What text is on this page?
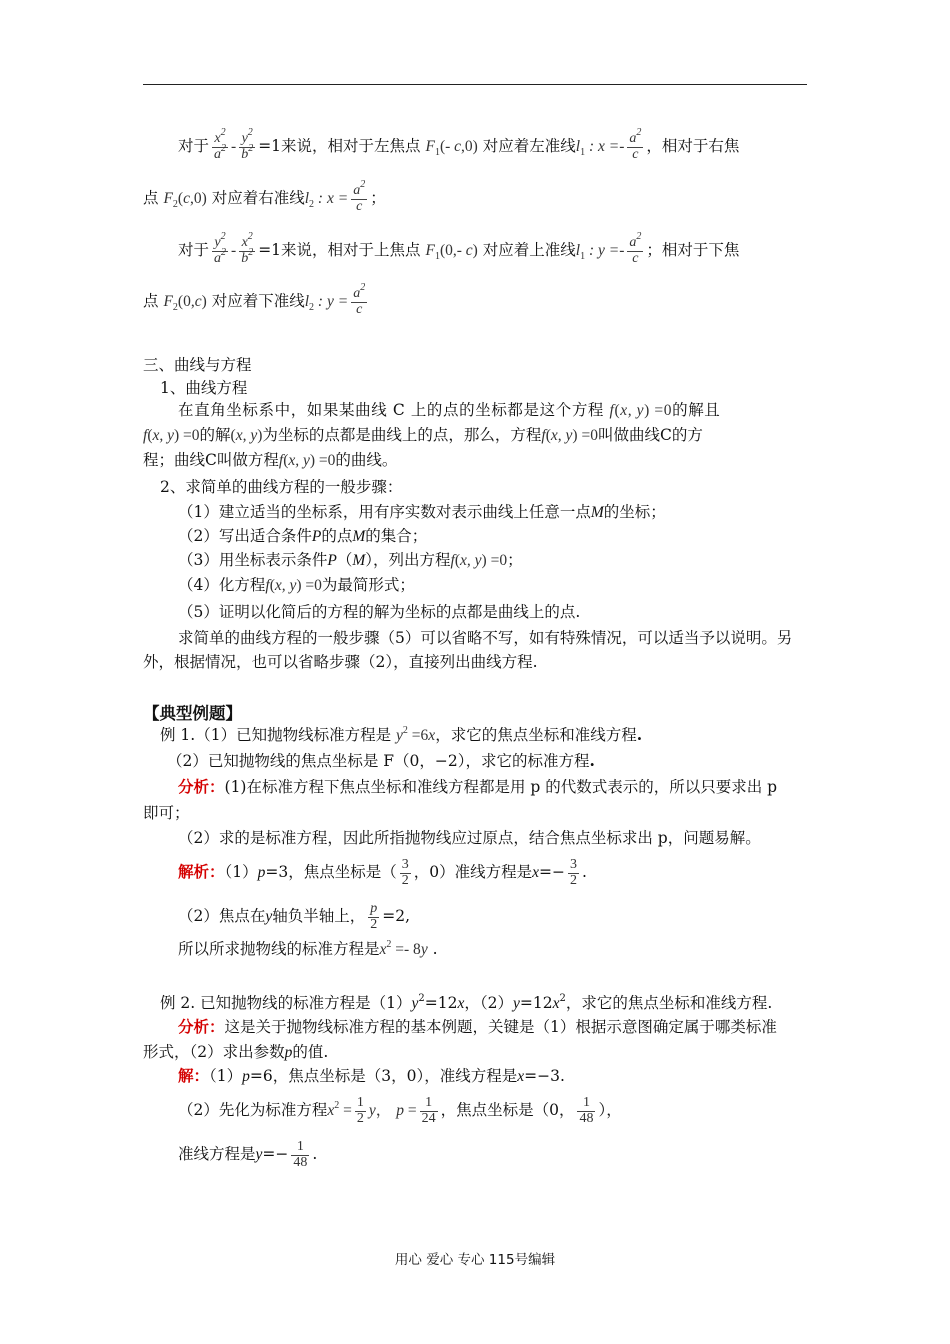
对于 $\frac{x^2}{a^2} - \frac{y^2}{b^2} =1$来说，相对于左焦点 $F_1(-$ c,0) 对应着左准线$l_1$ : $x =- \frac{a^2}{c}$ ，相对于右焦
点 $F_2(c,0)$ 对应着右准线$l_2$ : $x = \frac{a^2}{c}$ ；
对于 $\frac{y^2}{a^2} - \frac{x^2}{b^2} =1$来说，相对于上焦点 $F_1(0,-$ c) 对应着上准线$l_1$ : $y =- \frac{a^2}{c}$ ；相对于下焦
点 $F_2(0,c)$ 对应着下准线$l_2$ : $y = \frac{a^2}{c}$
三、曲线与方程
1、曲线方程
在直角坐标系中，如果某曲线 C 上的点的坐标都是这个方程 f(x, y) =0的解且
f(x, y) =0的解(x, y)为坐标的点都是曲线上的点，那么，方程f(x, y) =0叫做曲线C的方
程；曲线C叫做方程f(x, y) =0的曲线。
2、求简单的曲线方程的一般步骤：
（1）建立适当的坐标系，用有序实数对表示曲线上任意一点M的坐标；
（2）写出适合条件P的点M的集合；
（3）用坐标表示条件P（M），列出方程f(x, y) =0；
（4）化方程f(x, y) =0为最简形式；
（5）证明以化简后的方程的解为坐标的点都是曲线上的点.
求简单的曲线方程的一般步骤（5）可以省略不写，如有特殊情况，可以适当予以说明。另
外，根据情况，也可以省略步骤（2），直接列出曲线方程.
【典型例题】
例 1.（1）已知抛物线标准方程是 $y^2 =6x$，求它的焦点坐标和准线方程.
（2）已知抛物线的焦点坐标是 F（0，−2），求它的标准方程.
分析：(1)在标准方程下焦点坐标和准线方程都是用 p 的代数式表示的，所以只要求出 p
即可；
（2）求的是标准方程，因此所指抛物线应过原点，结合焦点坐标求出 p，问题易解。
解析：（1）p=3，焦点坐标是（ $\frac{3}{2}$ ，0）准线方程是$x=- \frac{3}{2}$ .
（2）焦点在y轴负半轴上， $\frac{p}{2} =2$,
所以所求抛物线的标准方程是$x^2 =- 8y$ .
例 2. 已知抛物线的标准方程是$(1)y^2=12x$，$(2)y=12x^2$，求它的焦点坐标和准线方程.
分析：这是关于抛物线标准方程的基本例题，关键是（1）根据示意图确定属于哪类标准
形式，（2）求出参数p的值.
解：（1）p=6，焦点坐标是（3，0），准线方程是x=−3.
（2）先化为标准方程$x^2 = \frac{1}{2}$ y， $p = \frac{1}{24}$ ，焦点坐标是（0， $\frac{1}{48}$ ），
准线方程是$y=- \frac{1}{48}$ .
用心 爱心 专心 115号编辑
